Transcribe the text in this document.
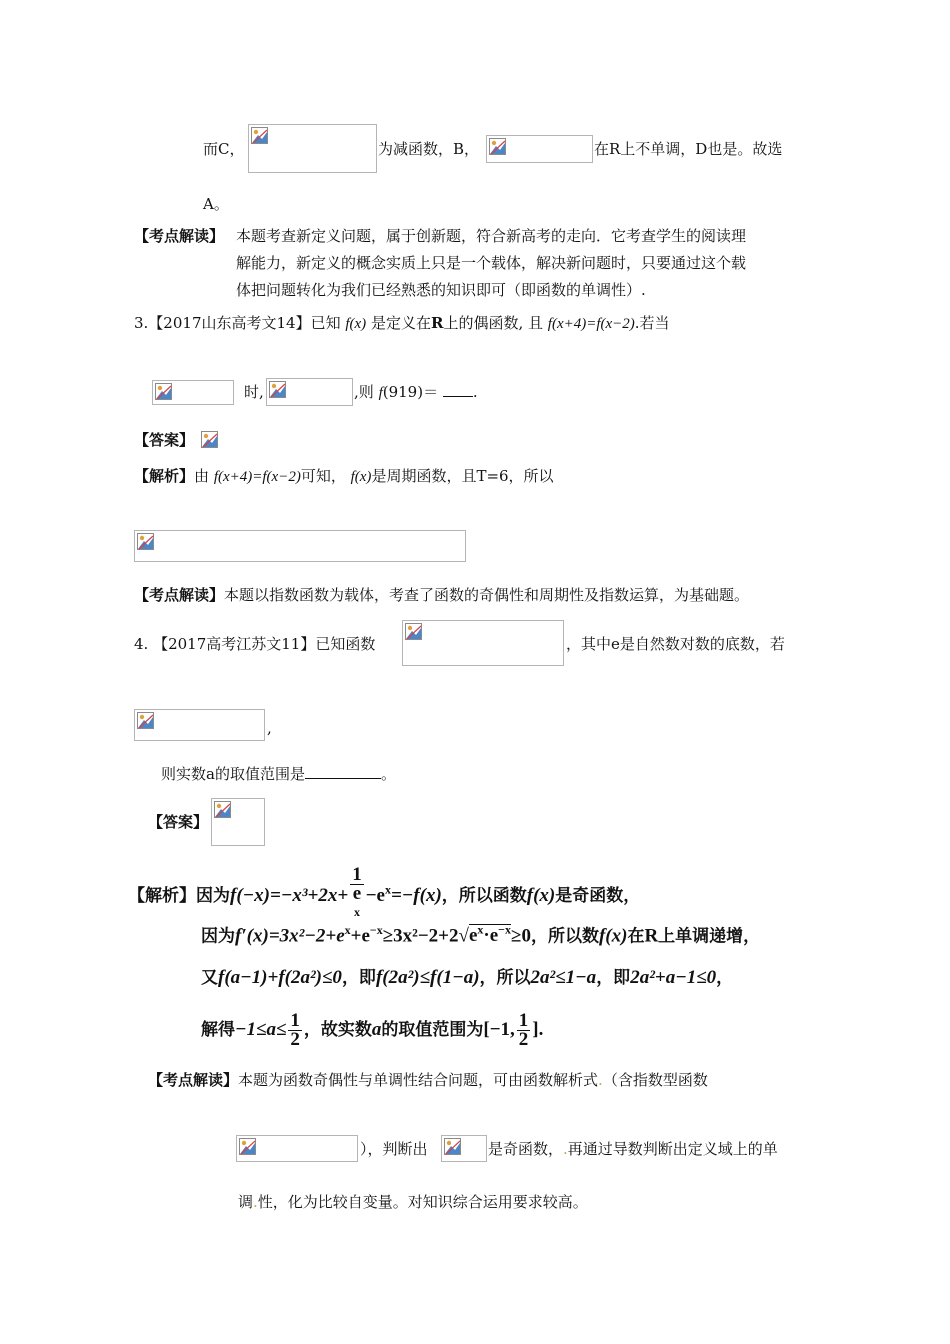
而C，	为减函数，B，	在R上不单调，D也是。故选
A。
【考点解读】 本题考查新定义问题，属于创新题，符合新高考的走向．它考查学生的阅读理
解能力，新定义的概念实质上只是一个载体，解决新问题时，只要通过这个载
体把问题转化为我们已经熟悉的知识即可（即函数的单调性）.
3.【2017山东高考文14】已知 f(x) 是定义在R上的偶函数, 且 f(x+4)=f(x−2).若当
时,	,则 f(919)＝ .
【答案】
【解析】由 f(x+4)=f(x−2)可知， f(x)是周期函数，且T=6，所以
【考点解读】本题以指数函数为载体，考查了函数的奇偶性和周期性及指数运算，为基础题。
4. 【2017高考江苏文11】已知函数	，其中e是自然数对数的底数，若
,
则实数a的取值范围是	。
【答案】
【解析】因为f(−x)=−x³+2x+ 1
e
$^x -e^x=-f(x)$，所以函数f(x)是奇函数，
因为$f'(x)=3x^2-2+e^x+e^{-x}\ge 3x^2-2+2√e^x\cdot e^{-x}\ge 0$，所以数f(x)在R上单调递增，
又f(a−1)+f(2a²)≤0，即f(2a²)≤f(1−a)，所以2a²≤1−a，即2a²+a−1≤0，
解得$-1\le a\le \frac{1}{2}$ ，故实数a的取值范围为[−1, $\frac{1}{2}$ ].
【考点解读】本题为函数奇偶性与单调性结合问题，可由函数解析式.（含指数型函数
），判断出	是奇函数，.再通过导数判断出定义域上的单
调.性，化为比较自变量。对知识综合运用要求较高。
